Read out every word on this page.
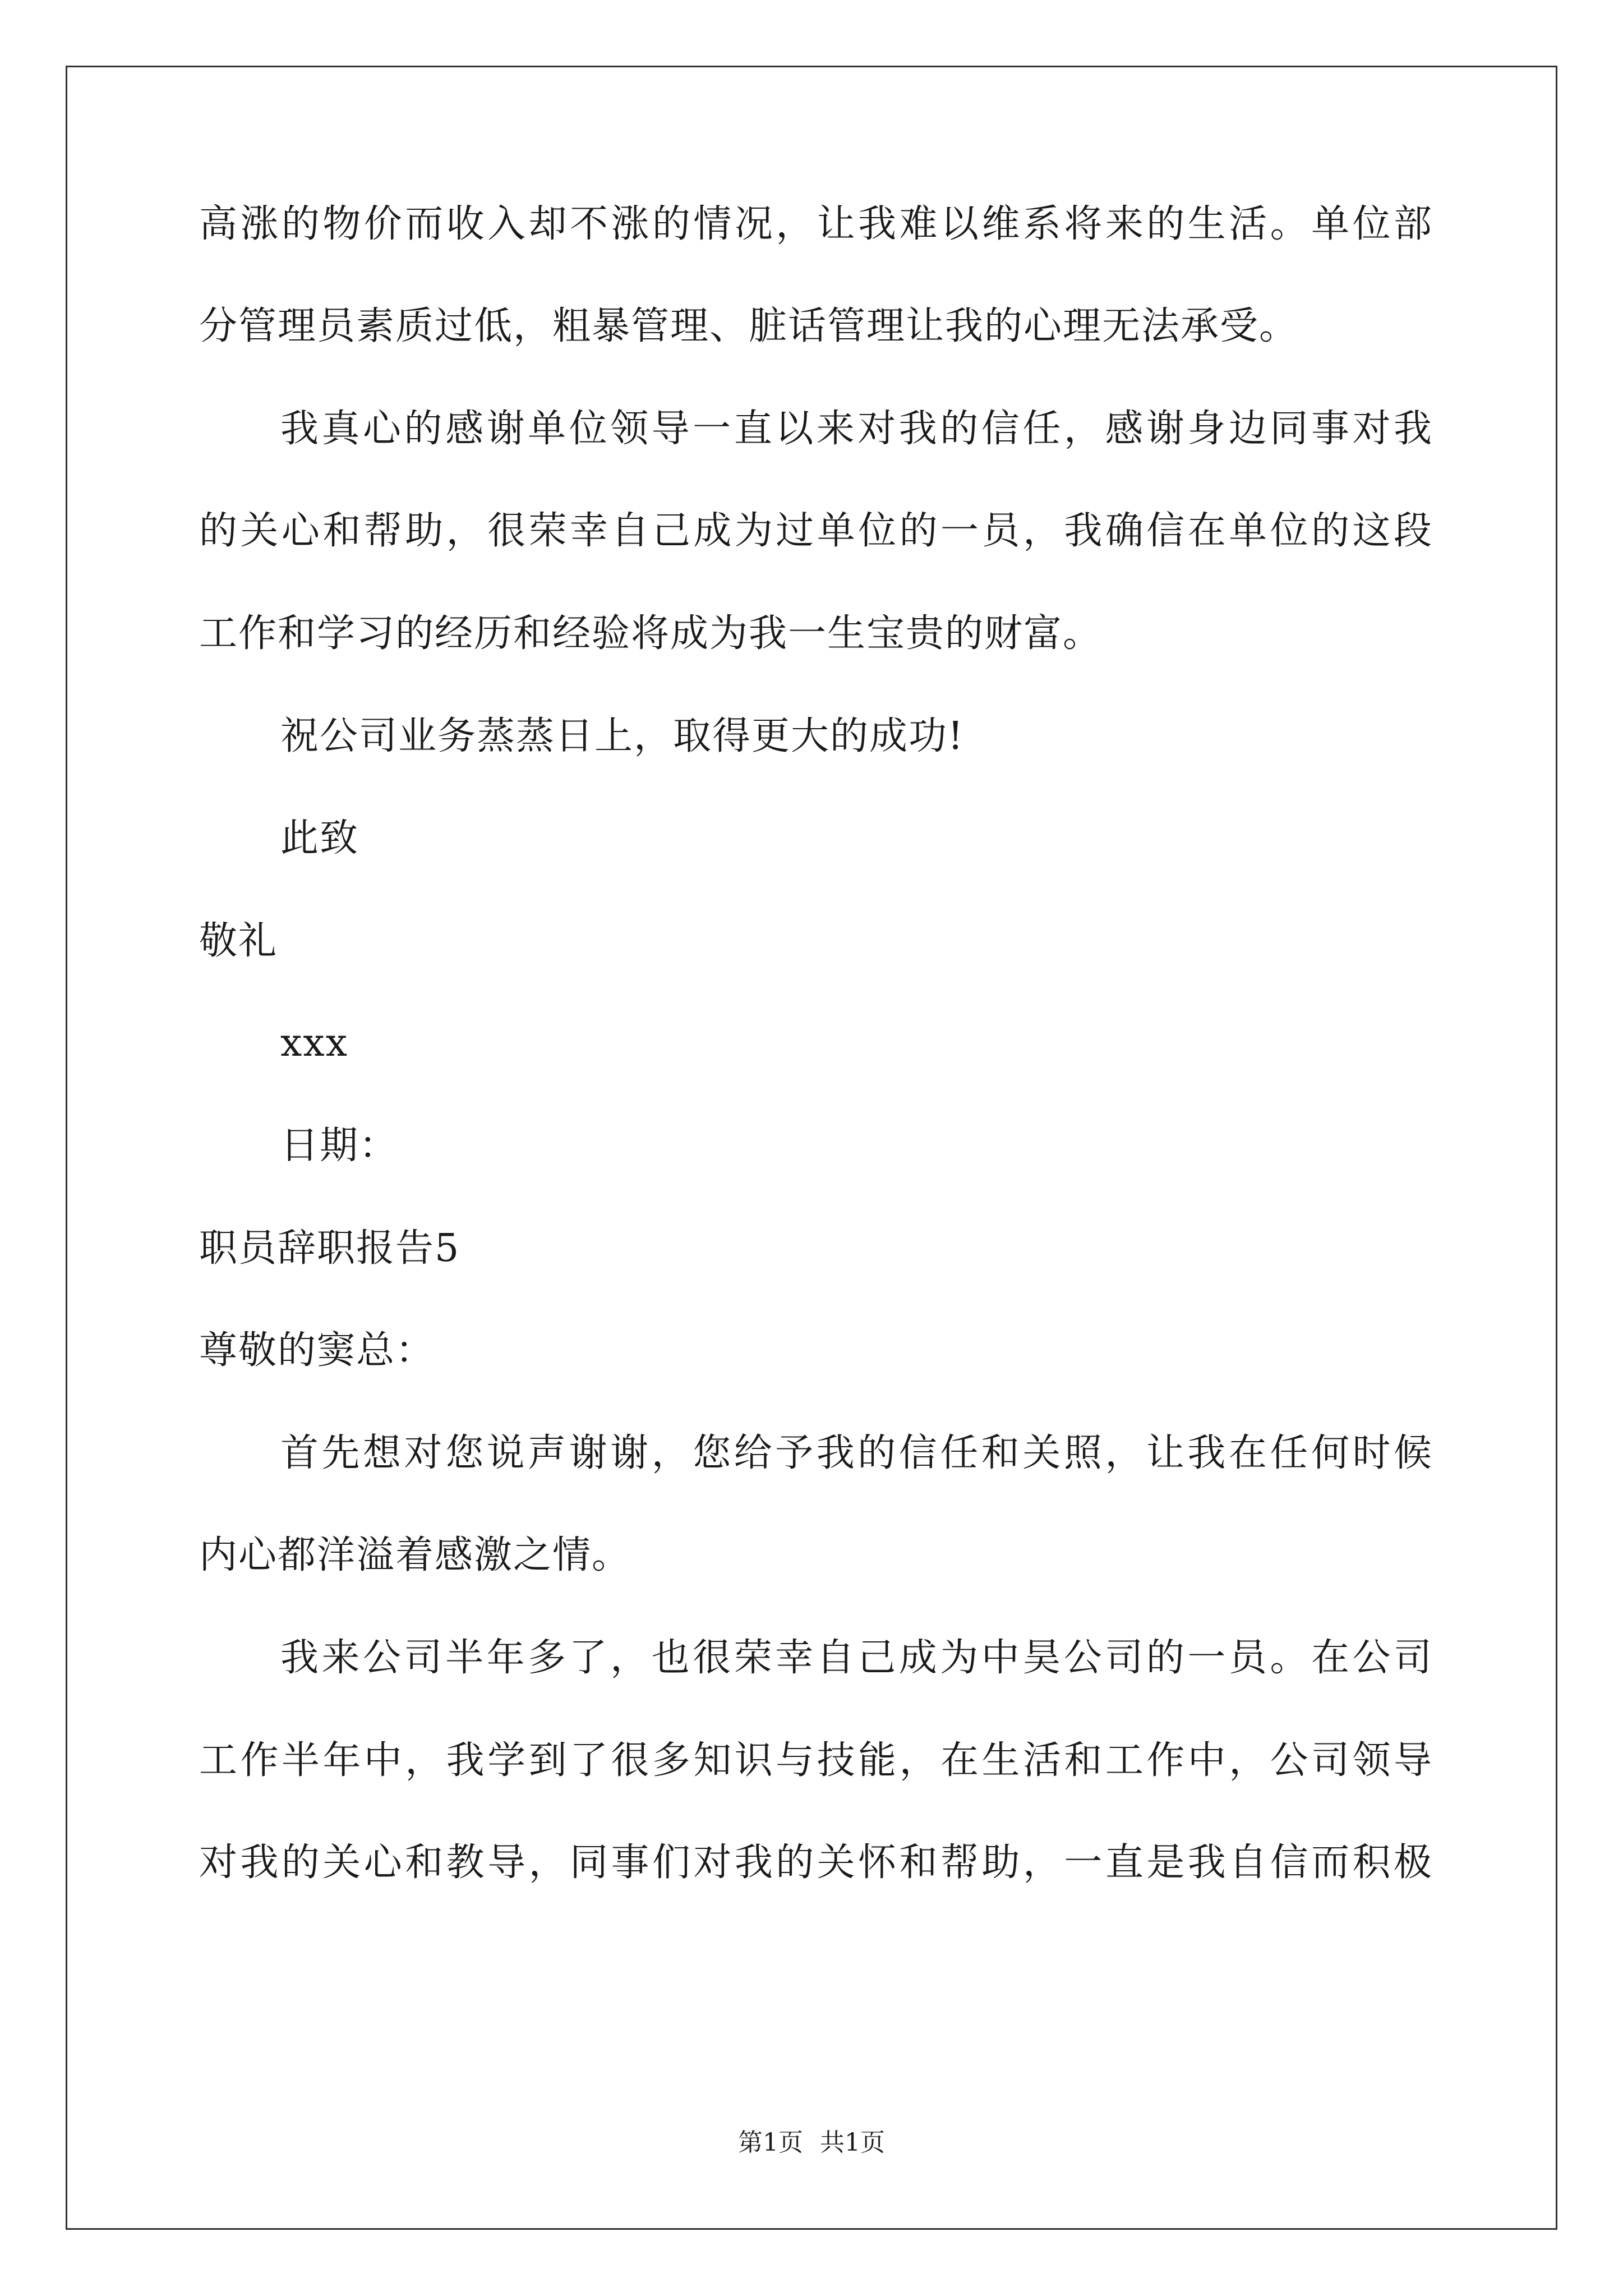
高涨的物价而收入却不涨的情况，让我难以维系将来的生活。单位部
分管理员素质过低，粗暴管理、脏话管理让我的心理无法承受。
我真心的感谢单位领导一直以来对我的信任，感谢身边同事对我
的关心和帮助，很荣幸自己成为过单位的一员，我确信在单位的这段
工作和学习的经历和经验将成为我一生宝贵的财富。
祝公司业务蒸蒸日上，取得更大的成功!
此致
敬礼
xxx
日期：
职员辞职报告5
尊敬的窦总：
首先想对您说声谢谢，您给予我的信任和关照，让我在任何时候
内心都洋溢着感激之情。
我来公司半年多了，也很荣幸自己成为中昊公司的一员。在公司
工作半年中，我学到了很多知识与技能，在生活和工作中，公司领导
对我的关心和教导，同事们对我的关怀和帮助，一直是我自信而积极
第1页 共1页
